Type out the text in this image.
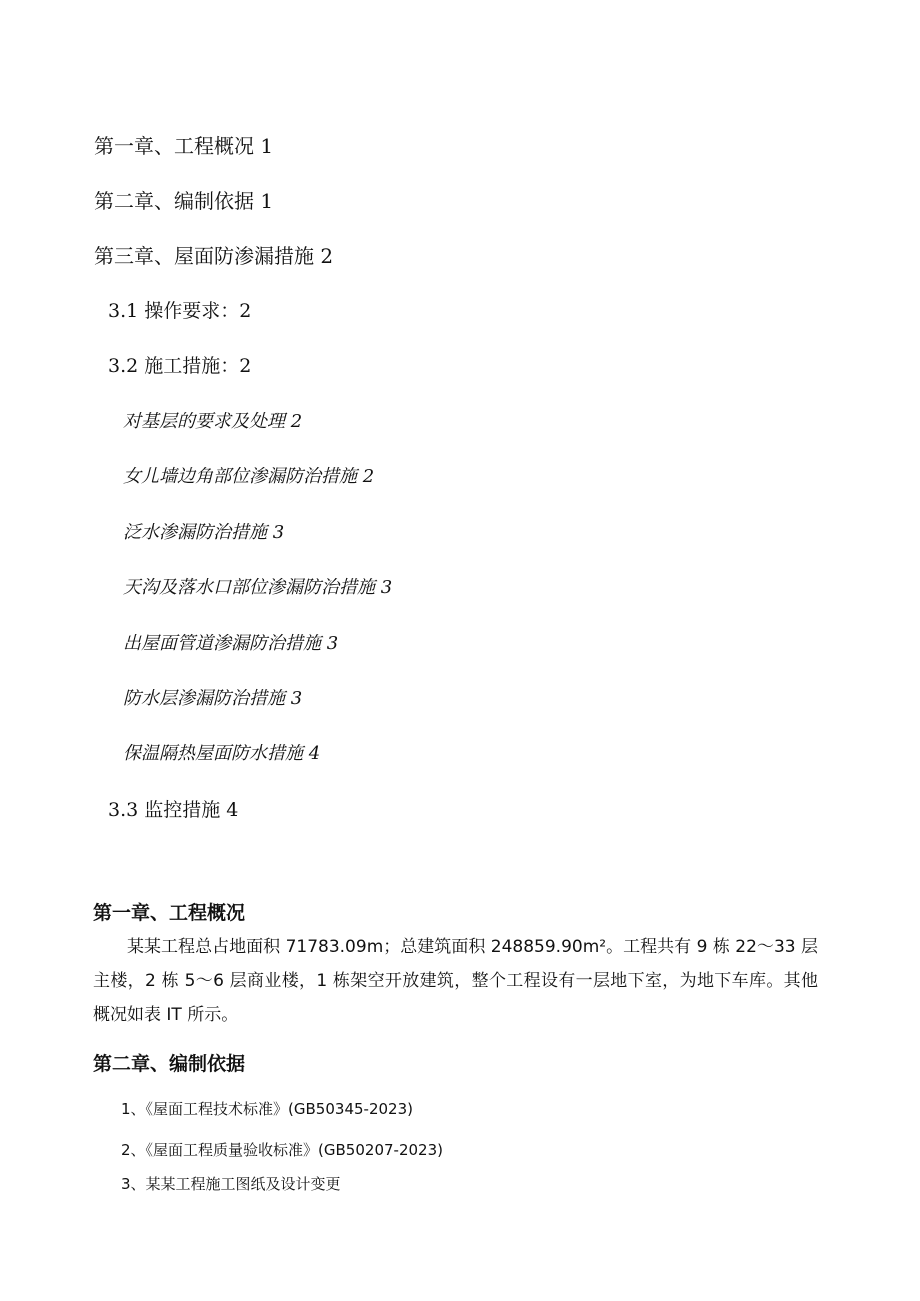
第一章、工程概况 1
第二章、编制依据 1
第三章、屋面防渗漏措施 2
3.1 操作要求：2
3.2 施工措施：2
对基层的要求及处理 2
女儿墙边角部位渗漏防治措施 2
泛水渗漏防治措施 3
天沟及落水口部位渗漏防治措施 3
出屋面管道渗漏防治措施 3
防水层渗漏防治措施 3
保温隔热屋面防水措施 4
3.3 监控措施 4
第一章、工程概况
某某工程总占地面积 71783.09m；总建筑面积 248859.90m²。工程共有 9 栋 22～33 层主楼，2 栋 5～6 层商业楼，1 栋架空开放建筑，整个工程设有一层地下室，为地下车库。其他概况如表 IT 所示。
第二章、编制依据
1、《屋面工程技术标准》(GB50345-2023)
2、《屋面工程质量验收标准》(GB50207-2023)
3、某某工程施工图纸及设计变更
